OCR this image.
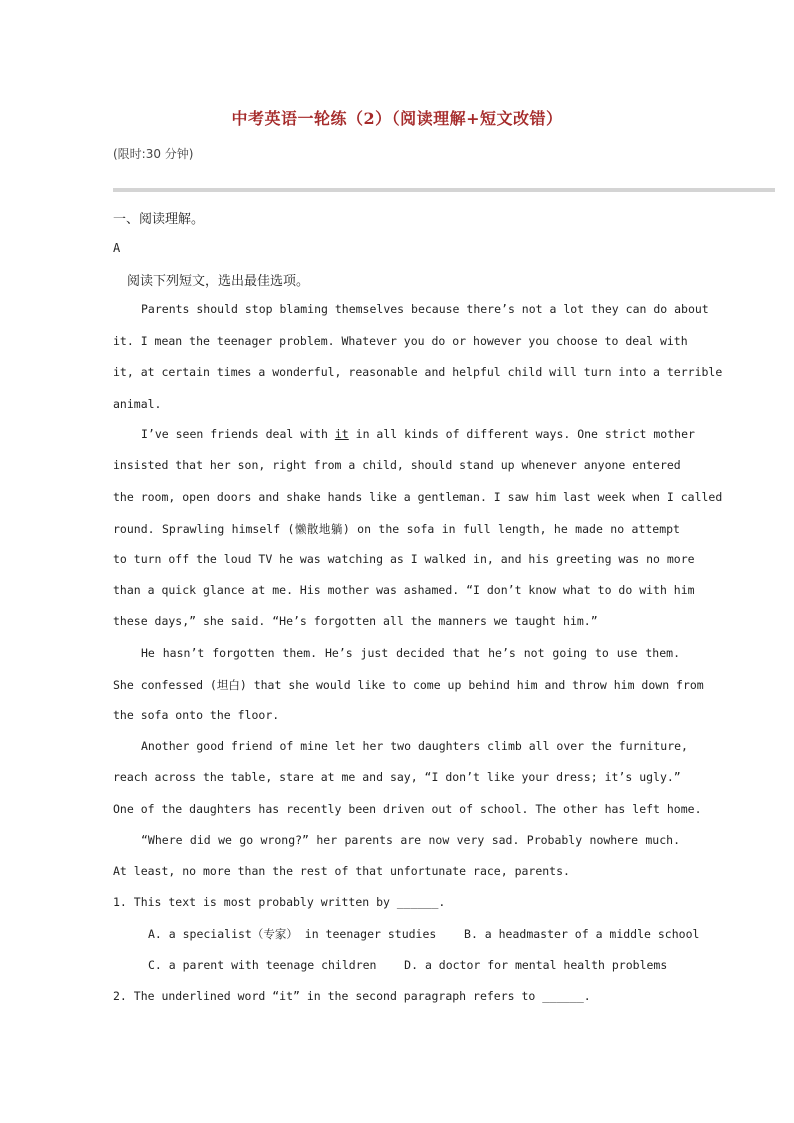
中考英语一轮练（2）（阅读理解+短文改错）
(限时:30 分钟)
一、阅读理解。
A
阅读下列短文，选出最佳选项。
Parents should stop blaming themselves because there’s not a lot they can do about
it. I mean the teenager problem. Whatever you do or however you choose to deal with
it, at certain times a wonderful, reasonable and helpful child will turn into a terrible
animal.
I’ve seen friends deal with it in all kinds of different ways. One strict mother
insisted that her son, right from a child, should stand up whenever anyone entered
the room, open doors and shake hands like a gentleman. I saw him last week when I called
round. Sprawling himself (懒散地躺) on the sofa in full length, he made no attempt
to turn off the loud TV he was watching as I walked in, and his greeting was no more
than a quick glance at me. His mother was ashamed. “I don’t know what to do with him
these days,” she said. “He’s forgotten all the manners we taught him.”
He hasn’t forgotten them. He’s just decided that he’s not going to use them.
She confessed (坦白) that she would like to come up behind him and throw him down from
the sofa onto the floor.
Another good friend of mine let her two daughters climb all over the furniture,
reach across the table, stare at me and say, “I don’t like your dress; it’s ugly.”
One of the daughters has recently been driven out of school. The other has left home.
“Where did we go wrong?” her parents are now very sad. Probably nowhere much.
At least, no more than the rest of that unfortunate race, parents.
1. This text is most probably written by ______.
A. a specialist（专家） in teenager studies    B. a headmaster of a middle school
C. a parent with teenage children    D. a doctor for mental health problems
2. The underlined word “it” in the second paragraph refers to ______.
